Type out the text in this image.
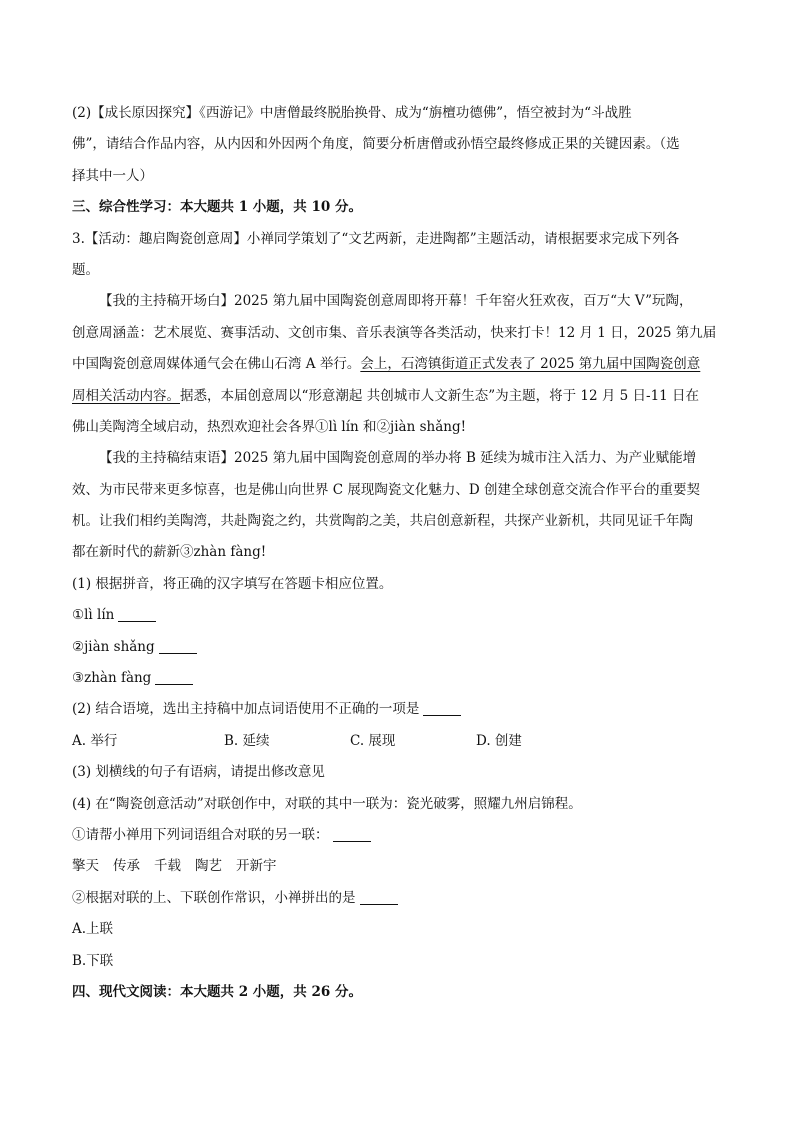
(2)【成长原因探究】《西游记》中唐僧最终脱胎换骨、成为“旃檀功德佛”，悟空被封为“斗战胜
佛”，请结合作品内容，从内因和外因两个角度，简要分析唐僧或孙悟空最终修成正果的关键因素。（选
择其中一人）
三、综合性学习：本大题共 1 小题，共 10 分。
3.【活动：趣启陶瓷创意周】小禅同学策划了“文艺两新，走进陶都”主题活动，请根据要求完成下列各
题。
【我的主持稿开场白】2025 第九届中国陶瓷创意周即将开幕！千年窑火狂欢夜，百万“大 V”玩陶，
创意周涵盖：艺术展览、赛事活动、文创市集、音乐表演等各类活动，快来打卡！12 月 1 日，2025 第九届
中国陶瓷创意周媒体通气会在佛山石湾 A 举行。会上，石湾镇街道正式发表了 2025 第九届中国陶瓷创意
周相关活动内容。据悉，本届创意周以“形意潮起 共创城市人文新生态”为主题，将于 12 月 5 日-11 日在
佛山美陶湾全域启动，热烈欢迎社会各界①lì lín 和②jiàn shǎng!
【我的主持稿结束语】2025 第九届中国陶瓷创意周的举办将 B 延续为城市注入活力、为产业赋能增
效、为市民带来更多惊喜，也是佛山向世界 C 展现陶瓷文化魅力、D 创建全球创意交流合作平台的重要契
机。让我们相约美陶湾，共赴陶瓷之约，共赏陶韵之美，共启创意新程，共探产业新机，共同见证千年陶
都在新时代的薪新③zhàn fàng!
(1) 根据拼音，将正确的汉字填写在答题卡相应位置。
①lì lín
②jiàn shǎng
③zhàn fàng
(2) 结合语境，选出主持稿中加点词语使用不正确的一项是
A. 举行	B. 延续	C. 展现	D. 创建
(3) 划横线的句子有语病，请提出修改意见
(4) 在“陶瓷创意活动”对联创作中，对联的其中一联为：瓷光破雾，照耀九州启锦程。
①请帮小禅用下列词语组合对联的另一联：
擎天 传承 千载 陶艺 开新宇
②根据对联的上、下联创作常识，小禅拼出的是
A.上联
B.下联
四、现代文阅读：本大题共 2 小题，共 26 分。
